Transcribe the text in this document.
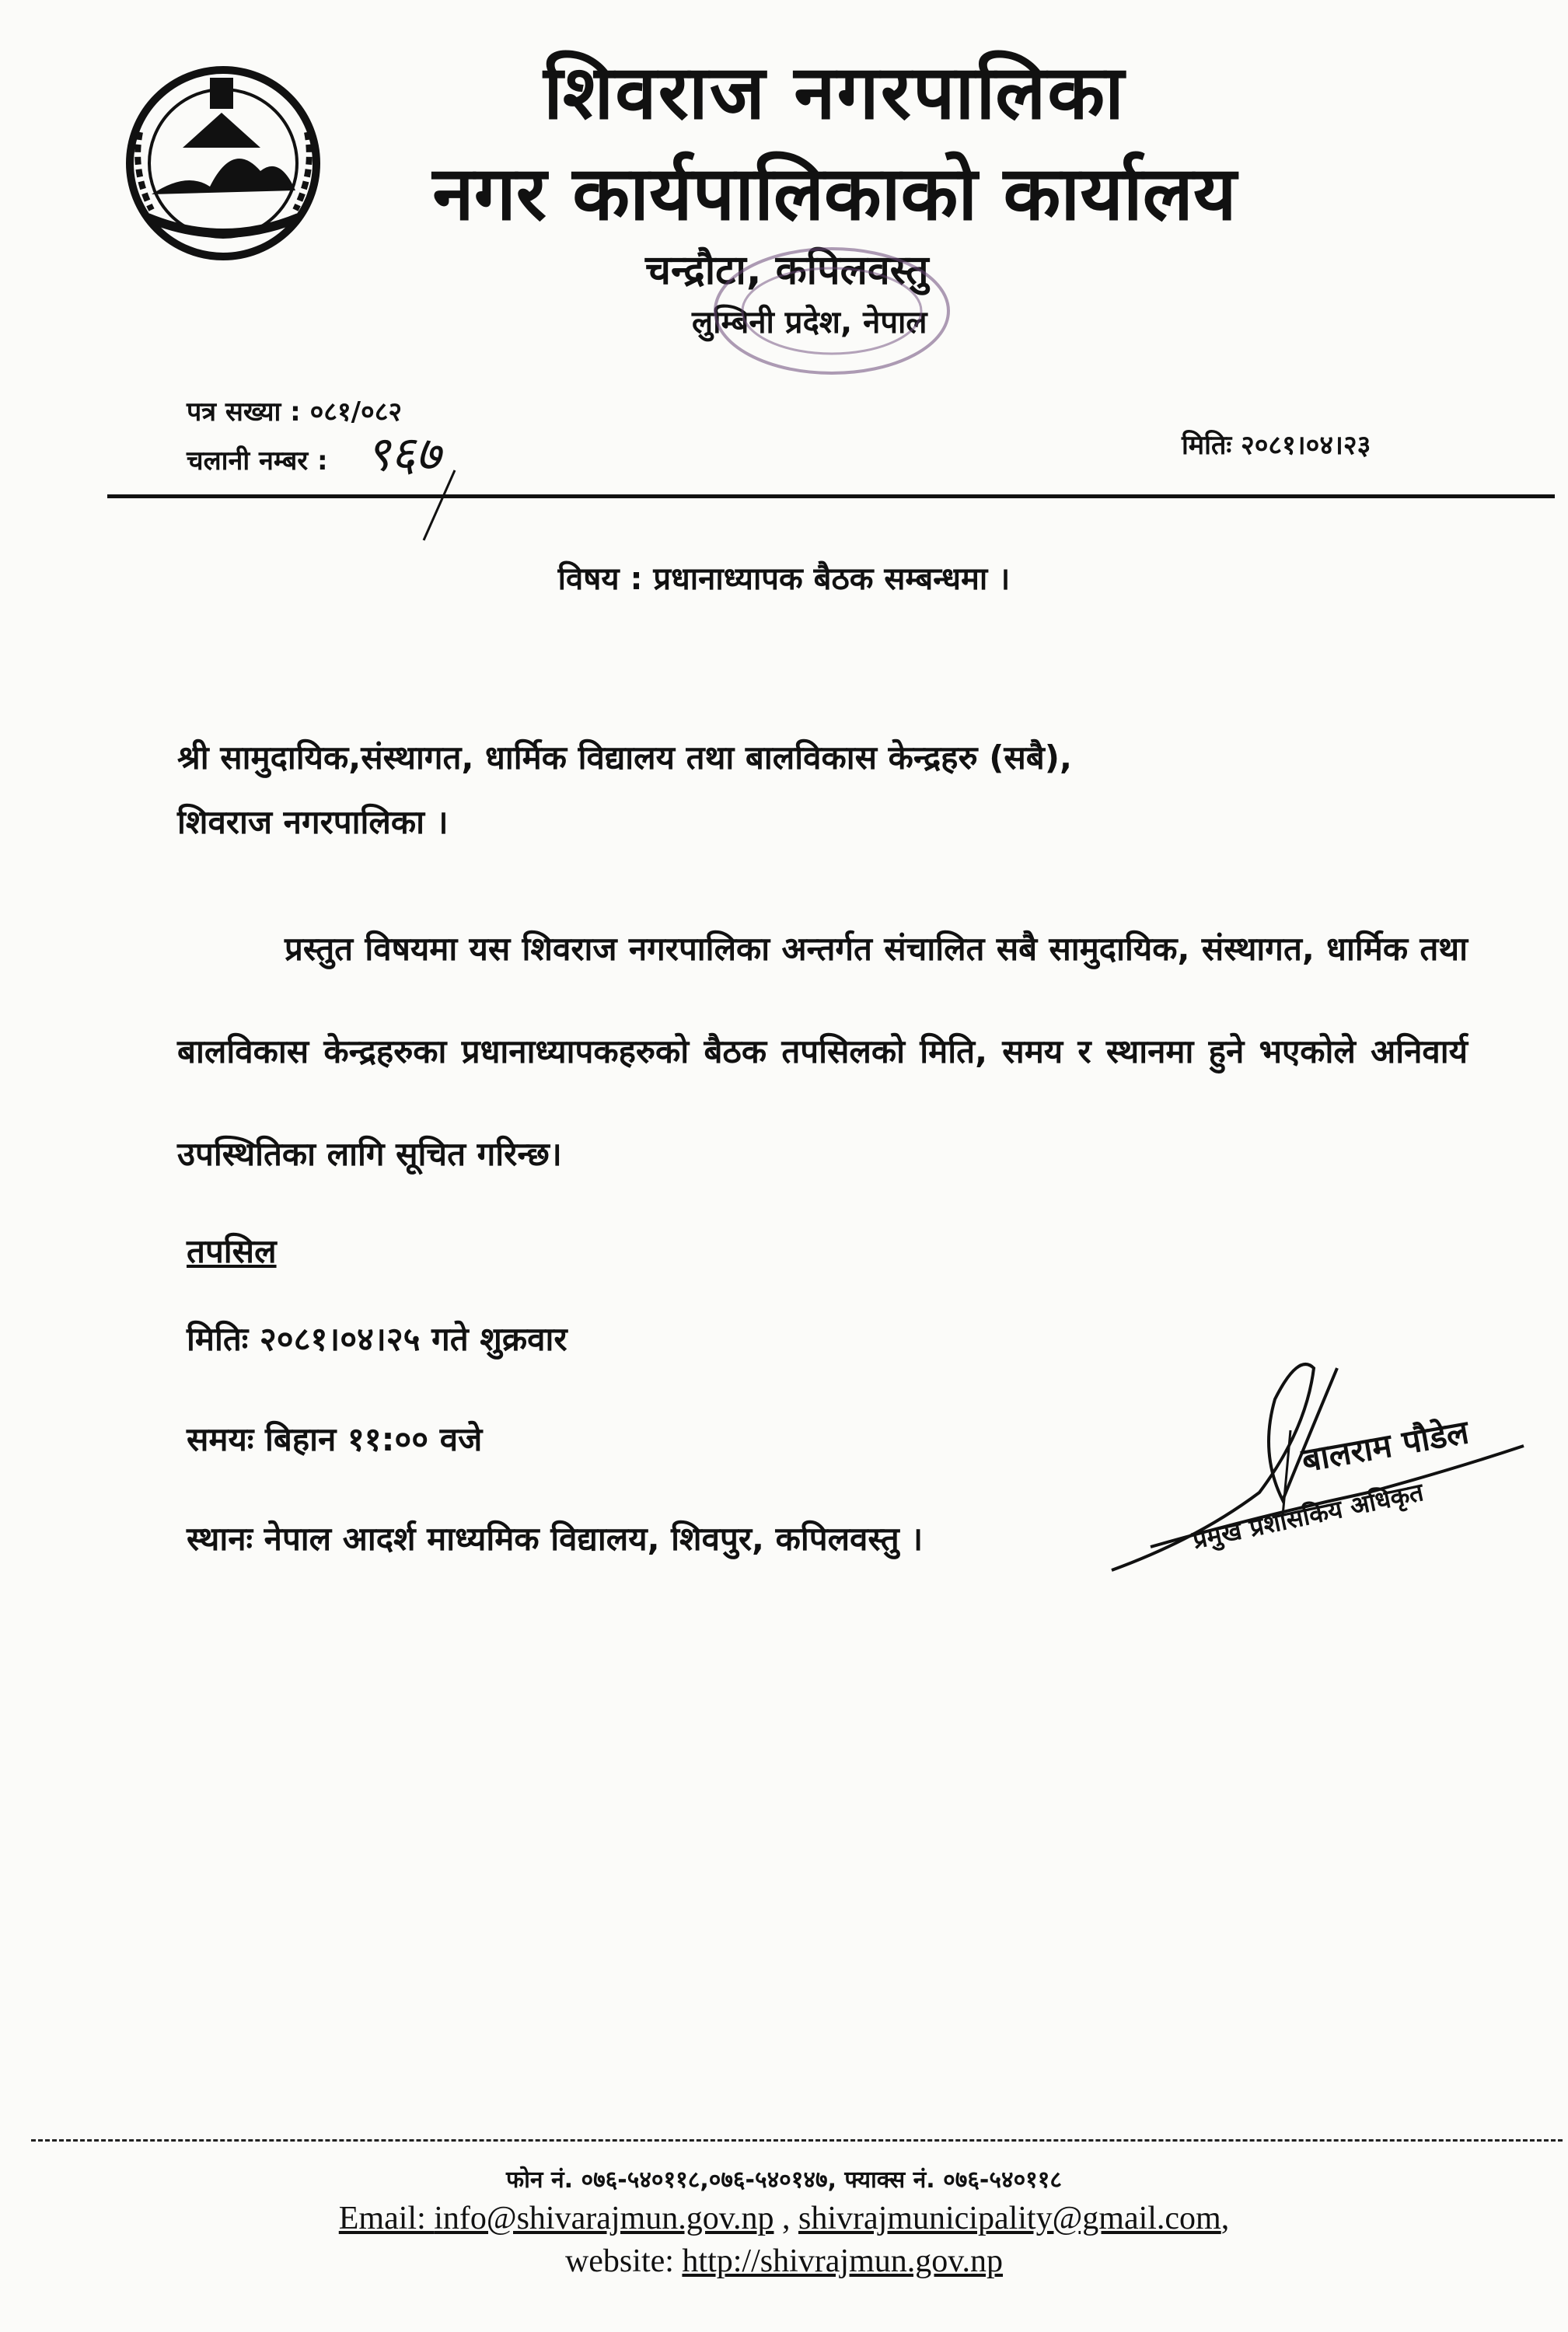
शिवराज नगरपालिका
नगर कार्यपालिकाको कार्यालय
चन्द्रौटा, कपिलवस्तु
लुम्बिनी प्रदेश, नेपाल
पत्र सख्या : ०८१/०८२
चलानी नम्बर : ९६७	मितिः २०८१।०४।२३
विषय : प्रधानाध्यापक बैठक सम्बन्धमा ।
श्री सामुदायिक,संस्थागत, धार्मिक विद्यालय तथा बालविकास केन्द्रहरु (सबै),
शिवराज नगरपालिका ।
प्रस्तुत विषयमा यस शिवराज नगरपालिका अन्तर्गत संचालित सबै सामुदायिक, संस्थागत, धार्मिक तथा बालविकास केन्द्रहरुका प्रधानाध्यापकहरुको बैठक तपसिलको मिति, समय र स्थानमा हुने भएकोले अनिवार्य उपस्थितिका लागि सूचित गरिन्छ।
तपसिल
मितिः २०८१।०४।२५ गते शुक्रवार
समयः बिहान ११:०० वजे
स्थानः नेपाल आदर्श माध्यमिक विद्यालय, शिवपुर, कपिलवस्तु ।
बालराम पौडेल
प्रमुख प्रशासकिय अधिकृत
फोन नं. ०७६-५४०११८,०७६-५४०१४७, फ्याक्स नं. ०७६-५४०११८
Email: info@shivarajmun.gov.np , shivrajmunicipality@gmail.com,
website: http://shivrajmun.gov.np
